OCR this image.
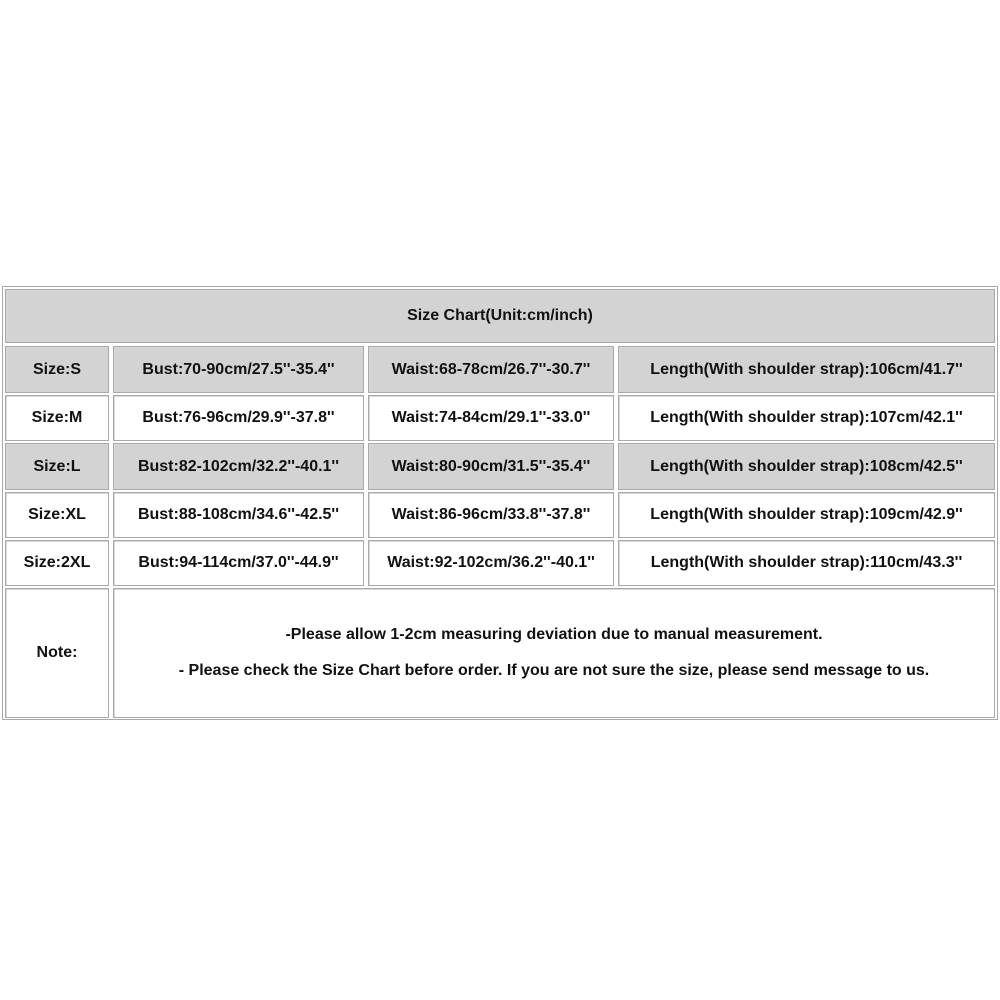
Size Chart(Unit:cm/inch)
Size:S	Bust:70-90cm/27.5''-35.4''	Waist:68-78cm/26.7''-30.7''	Length(With shoulder strap):106cm/41.7''
Size:M	Bust:76-96cm/29.9''-37.8''	Waist:74-84cm/29.1''-33.0''	Length(With shoulder strap):107cm/42.1''
Size:L	Bust:82-102cm/32.2''-40.1''	Waist:80-90cm/31.5''-35.4''	Length(With shoulder strap):108cm/42.5''
Size:XL	Bust:88-108cm/34.6''-42.5''	Waist:86-96cm/33.8''-37.8''	Length(With shoulder strap):109cm/42.9''
Size:2XL	Bust:94-114cm/37.0''-44.9''	Waist:92-102cm/36.2''-40.1''	Length(With shoulder strap):110cm/43.3''
Note:
-Please allow 1-2cm measuring deviation due to manual measurement.
- Please check the Size Chart before order. If you are not sure the size, please send message to us.
